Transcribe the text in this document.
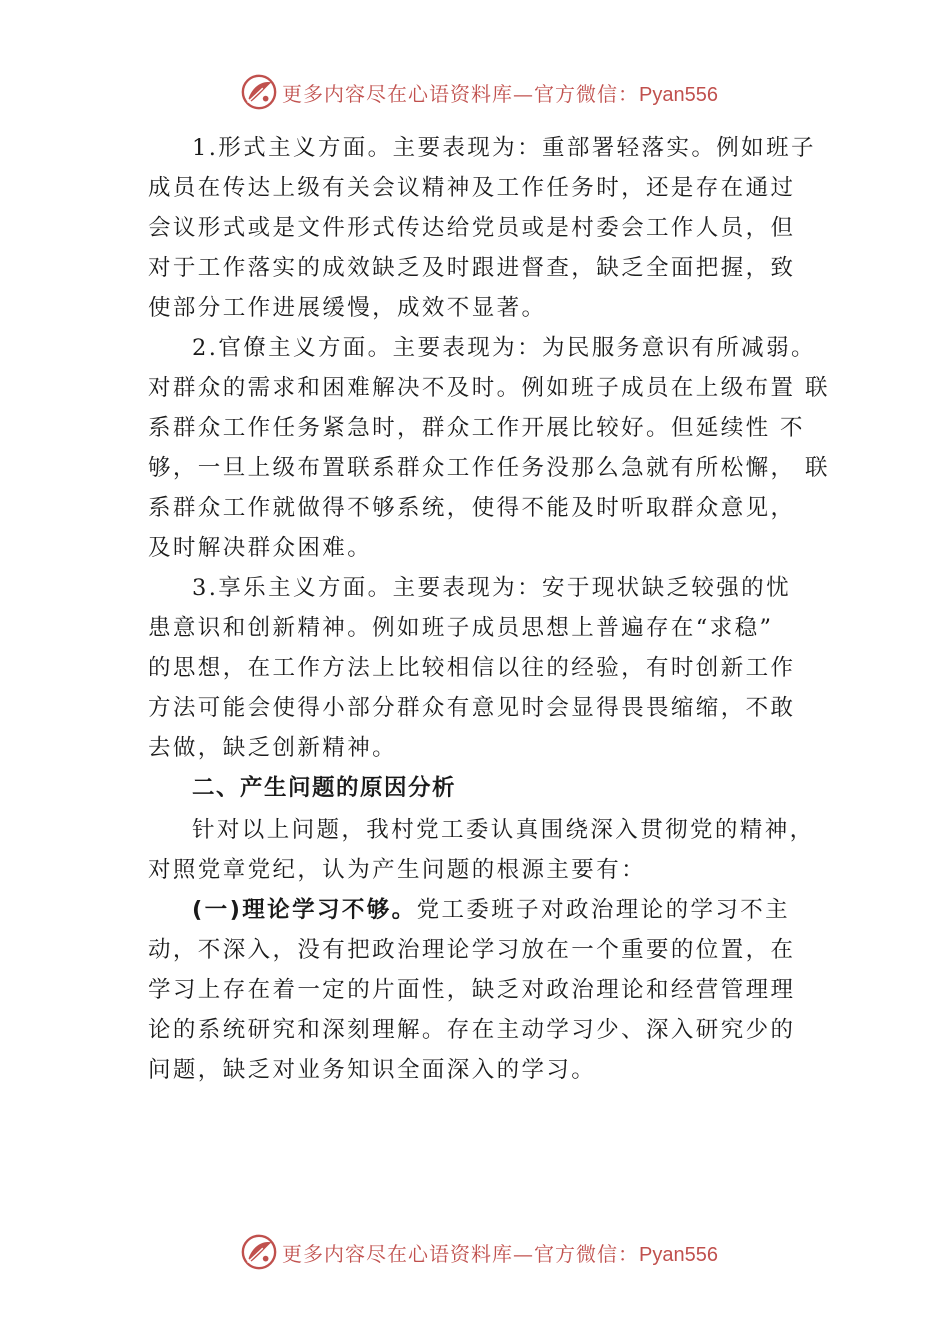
更多内容尽在心语资料库—官方微信：Pyan556
1.形式主义方面。主要表现为：重部署轻落实。例如班子
成员在传达上级有关会议精神及工作任务时，还是存在通过
会议形式或是文件形式传达给党员或是村委会工作人员，但
对于工作落实的成效缺乏及时跟进督查，缺乏全面把握，致
使部分工作进展缓慢，成效不显著。
2.官僚主义方面。主要表现为：为民服务意识有所减弱。
对群众的需求和困难解决不及时。例如班子成员在上级布置 联
系群众工作任务紧急时，群众工作开展比较好。但延续性 不
够，一旦上级布置联系群众工作任务没那么急就有所松懈， 联
系群众工作就做得不够系统，使得不能及时听取群众意见，
及时解决群众困难。
3.享乐主义方面。主要表现为：安于现状缺乏较强的忧
患意识和创新精神。例如班子成员思想上普遍存在“求稳”
的思想，在工作方法上比较相信以往的经验，有时创新工作
方法可能会使得小部分群众有意见时会显得畏畏缩缩，不敢
去做，缺乏创新精神。
二、产生问题的原因分析
针对以上问题，我村党工委认真围绕深入贯彻党的精神，
对照党章党纪，认为产生问题的根源主要有：
(一)理论学习不够。党工委班子对政治理论的学习不主
动，不深入，没有把政治理论学习放在一个重要的位置，在
学习上存在着一定的片面性，缺乏对政治理论和经营管理理
论的系统研究和深刻理解。存在主动学习少、深入研究少的
问题，缺乏对业务知识全面深入的学习。
更多内容尽在心语资料库—官方微信：Pyan556
